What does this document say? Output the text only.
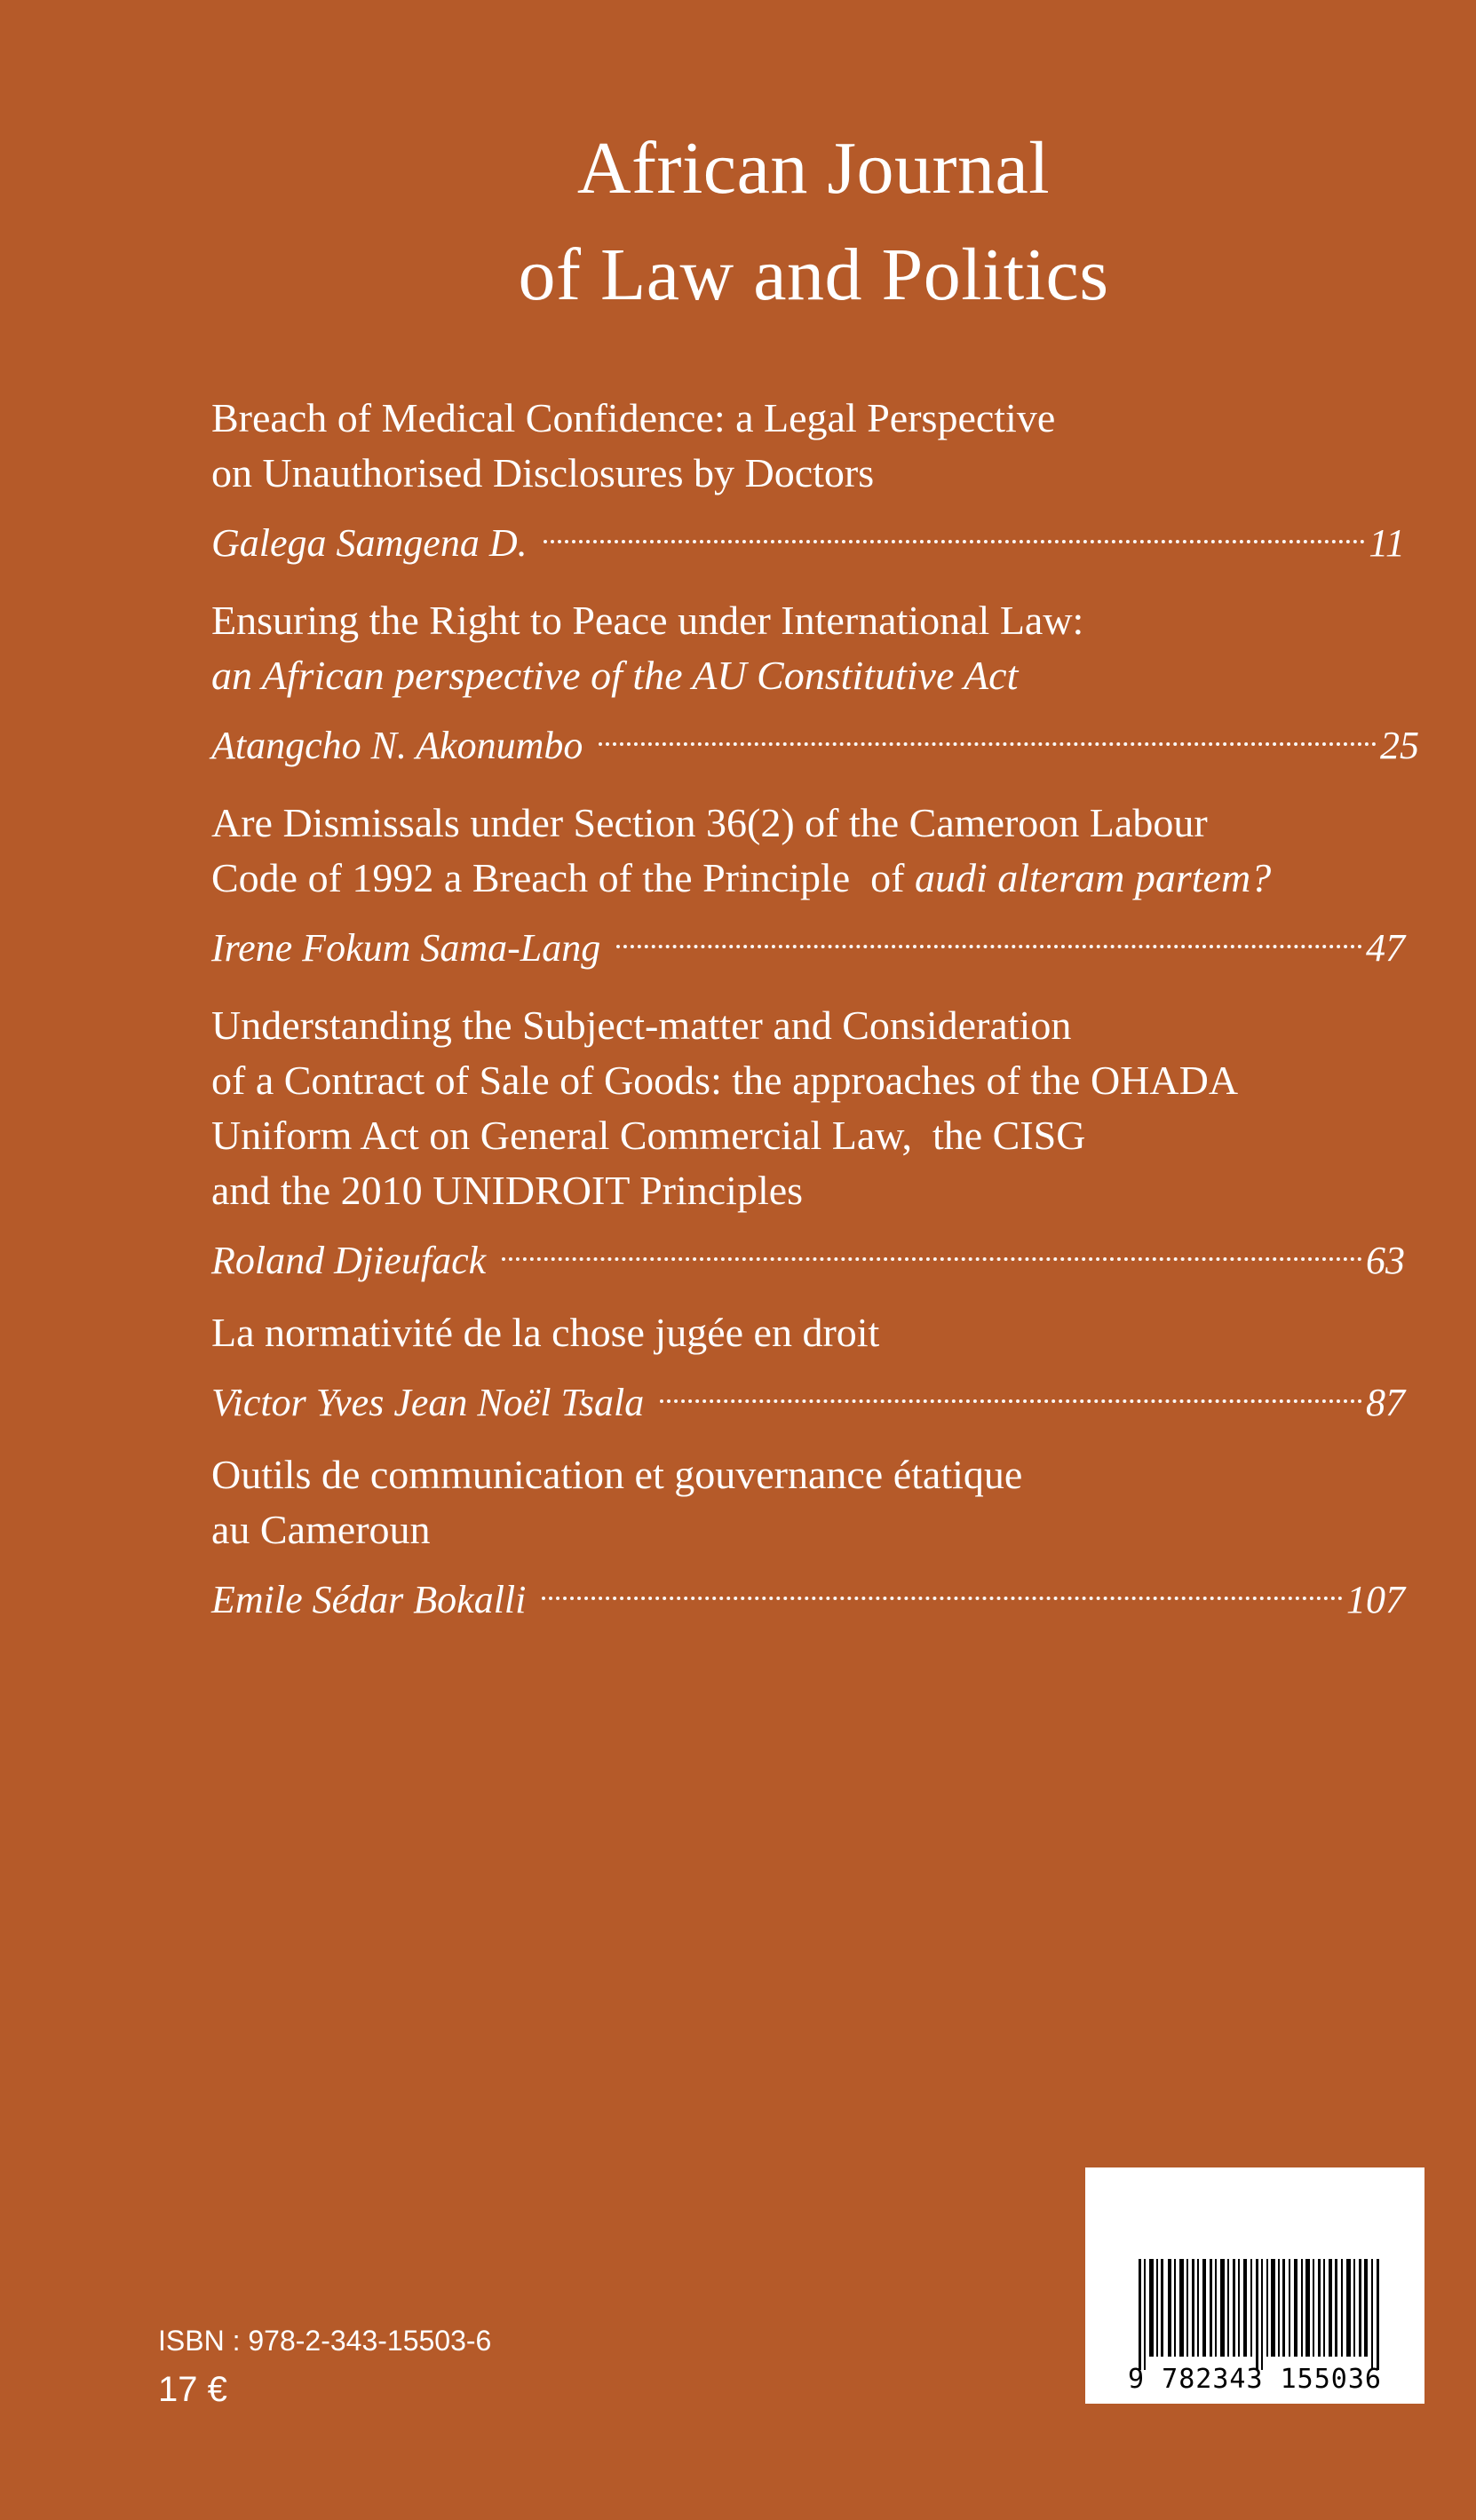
African Journal
of Law and Politics
Breach of Medical Confidence: a Legal Perspective
on Unauthorised Disclosures by Doctors
Galega Samgena D.	11
Ensuring the Right to Peace under International Law:
an African perspective of the AU Constitutive Act
Atangcho N. Akonumbo	25
Are Dismissals under Section 36(2) of the Cameroon Labour
Code of 1992 a Breach of the Principle  of audi alteram partem?
Irene Fokum Sama-Lang	47
Understanding the Subject-matter and Consideration
of a Contract of Sale of Goods: the approaches of the OHADA
Uniform Act on General Commercial Law,  the CISG
and the 2010 UNIDROIT Principles
Roland Djieufack	63
La normativité de la chose jugée en droit
Victor Yves Jean Noël Tsala	87
Outils de communication et gouvernance étatique
au Cameroun
Emile Sédar Bokalli	107
ISBN : 978-2-343-15503-6
17 €	9 782343 155036
